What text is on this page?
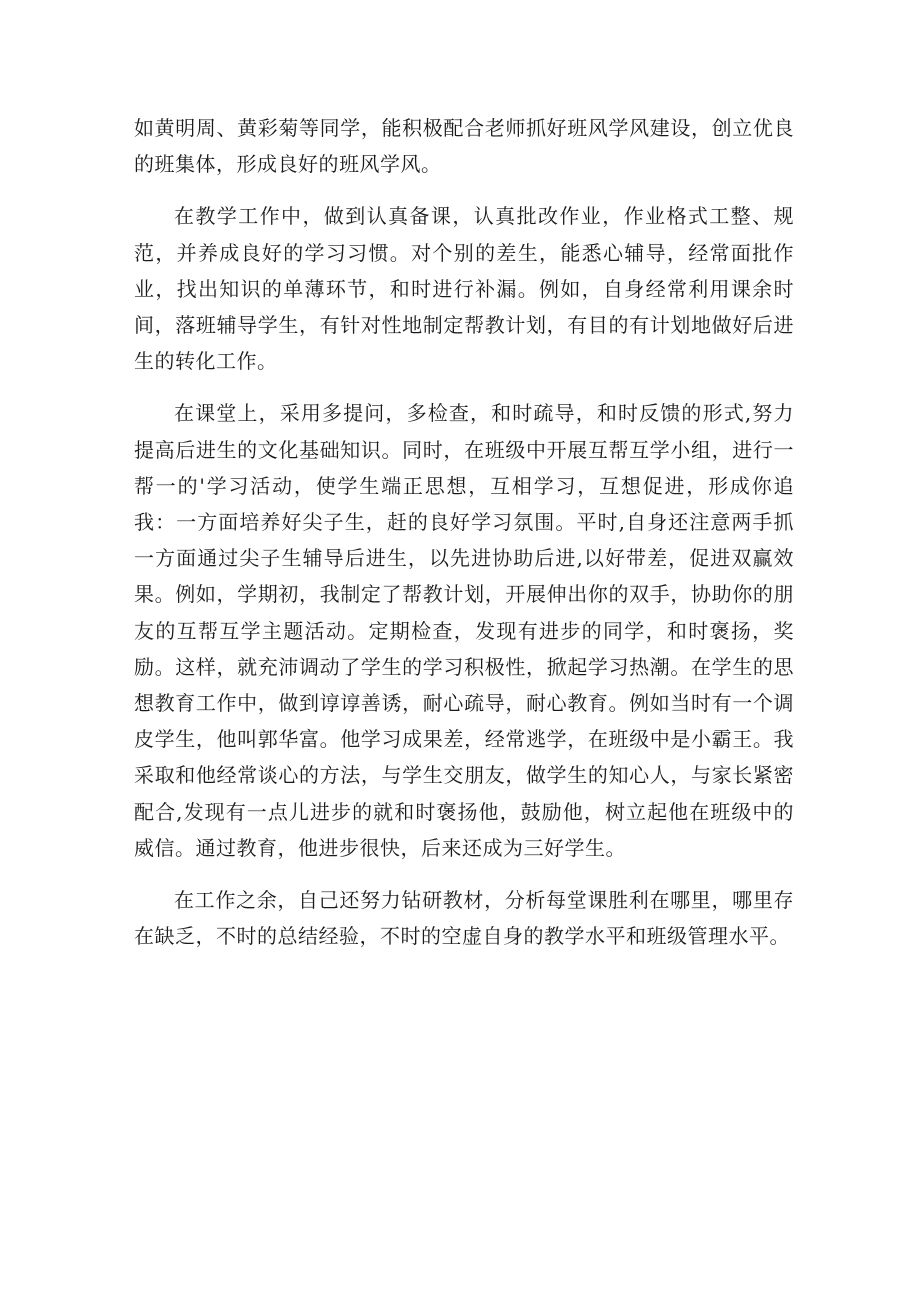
如黄明周、黄彩菊等同学，能积极配合老师抓好班风学风建设，创立优良的班集体，形成良好的班风学风。

在教学工作中，做到认真备课，认真批改作业，作业格式工整、规范，并养成良好的学习习惯。对个别的差生，能悉心辅导，经常面批作业，找出知识的单薄环节，和时进行补漏。例如，自身经常利用课余时间，落班辅导学生，有针对性地制定帮教计划，有目的有计划地做好后进生的转化工作。

在课堂上，采用多提问，多检查，和时疏导，和时反馈的形式,努力提高后进生的文化基础知识。同时，在班级中开展互帮互学小组，进行一帮一的'学习活动，使学生端正思想，互相学习，互想促进，形成你追我：一方面培养好尖子生，赶的良好学习氛围。平时,自身还注意两手抓一方面通过尖子生辅导后进生，以先进协助后进,以好带差，促进双赢效果。例如，学期初，我制定了帮教计划，开展伸出你的双手，协助你的朋友的互帮互学主题活动。定期检查，发现有进步的同学，和时褒扬，奖励。这样，就充沛调动了学生的学习积极性，掀起学习热潮。在学生的思想教育工作中，做到谆谆善诱，耐心疏导，耐心教育。例如当时有一个调皮学生，他叫郭华富。他学习成果差，经常逃学，在班级中是小霸王。我采取和他经常谈心的方法，与学生交朋友，做学生的知心人，与家长紧密配合,发现有一点儿进步的就和时褒扬他，鼓励他，树立起他在班级中的威信。通过教育，他进步很快，后来还成为三好学生。

在工作之余，自己还努力钻研教材，分析每堂课胜利在哪里，哪里存在缺乏，不时的总结经验，不时的空虚自身的教学水平和班级管理水平。
